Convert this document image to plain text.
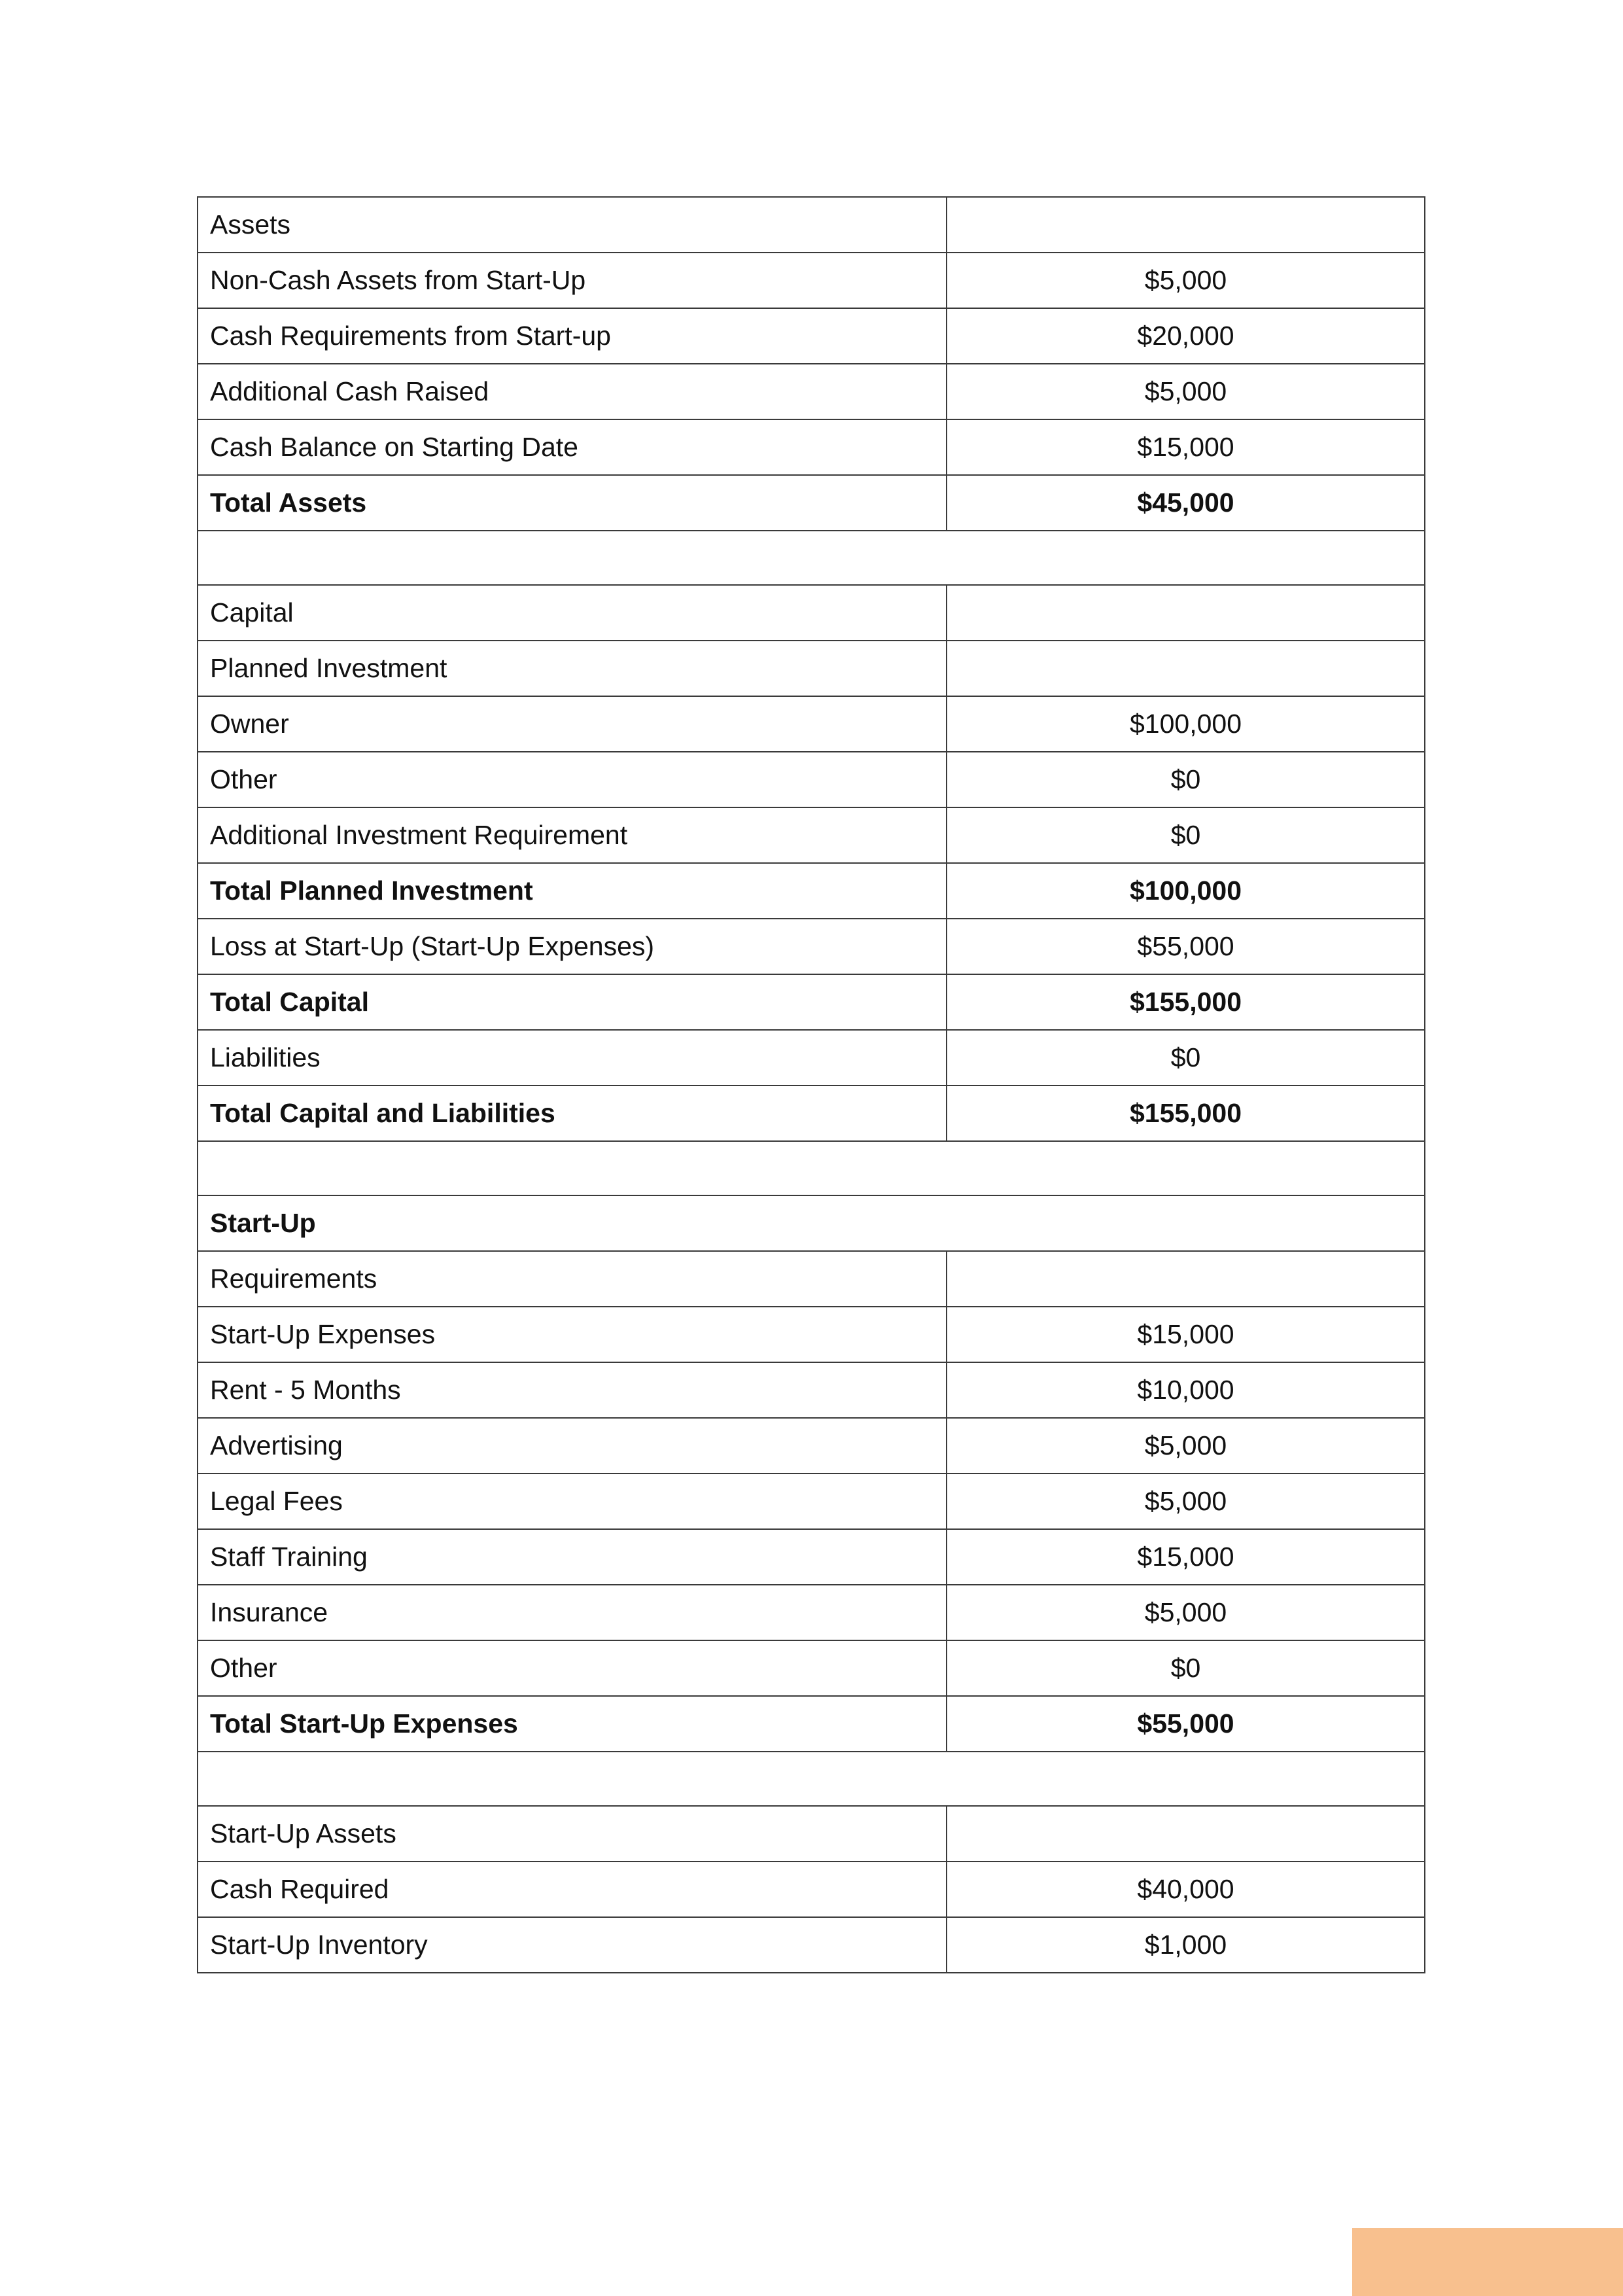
Assets	
Non-Cash Assets from Start-Up	$5,000
Cash Requirements from Start-up	$20,000
Additional Cash Raised	$5,000
Cash Balance on Starting Date	$15,000
Total Assets	$45,000

Capital	
Planned Investment	
Owner	$100,000
Other	$0
Additional Investment Requirement	$0
Total Planned Investment	$100,000
Loss at Start-Up (Start-Up Expenses)	$55,000
Total Capital	$155,000
Liabilities	$0
Total Capital and Liabilities	$155,000

Start-Up	
Requirements	
Start-Up Expenses	$15,000
Rent - 5 Months	$10,000
Advertising	$5,000
Legal Fees	$5,000
Staff Training	$15,000
Insurance	$5,000
Other	$0
Total Start-Up Expenses	$55,000

Start-Up Assets	
Cash Required	$40,000
Start-Up Inventory	$1,000
